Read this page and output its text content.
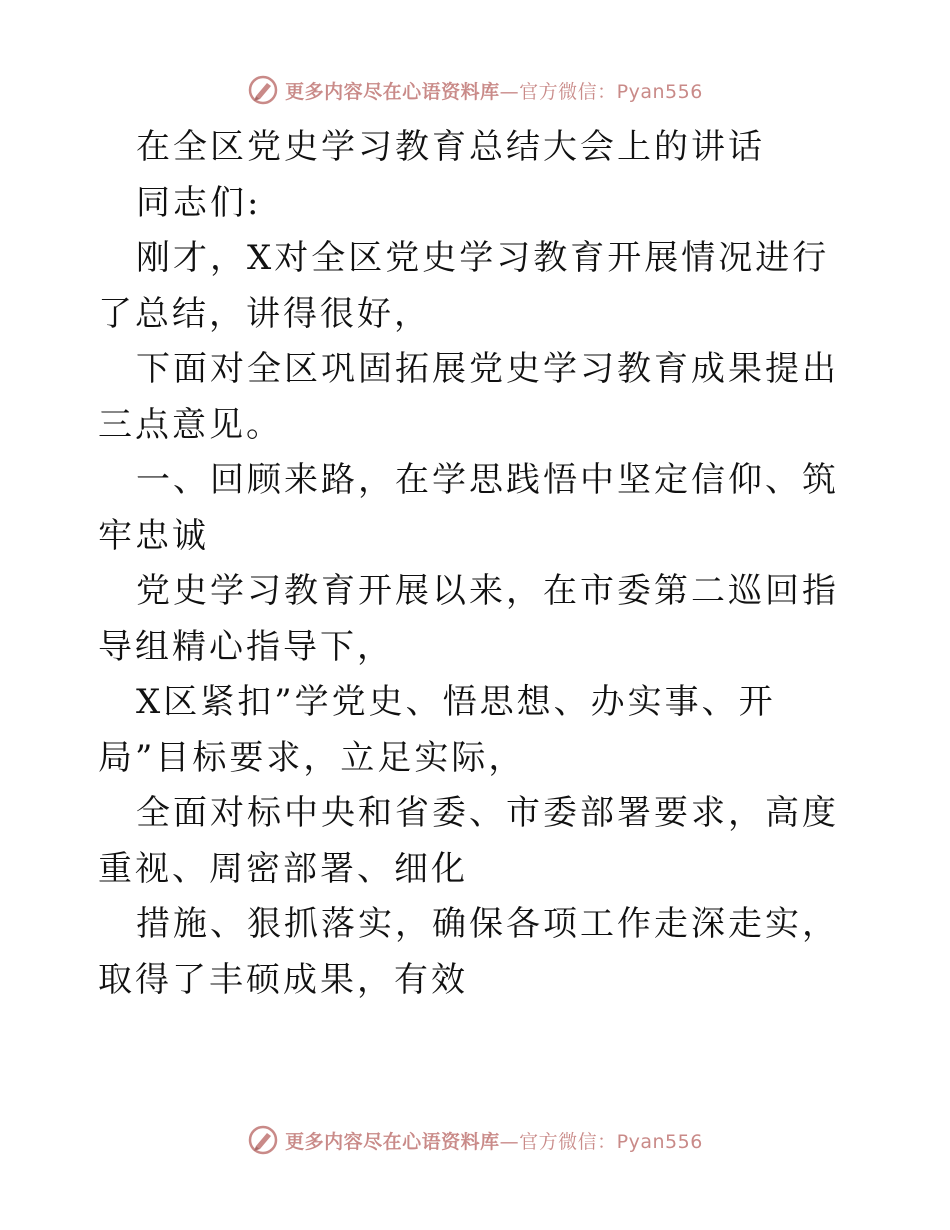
更多内容尽在心语资料库—官方微信：Pyan556

在全区党史学习教育总结大会上的讲话

同志们:

刚才，X对全区党史学习教育开展情况进行了总结，讲得很好，

下面对全区巩固拓展党史学习教育成果提出三点意见。

一、回顾来路，在学思践悟中坚定信仰、筑牢忠诚

党史学习教育开展以来，在市委第二巡回指导组精心指导下，

X区紧扣”学党史、悟思想、办实事、开局”目标要求，立足实际，

全面对标中央和省委、市委部署要求，高度重视、周密部署、细化

措施、狠抓落实，确保各项工作走深走实，取得了丰硕成果，有效

更多内容尽在心语资料库—官方微信：Pyan556
